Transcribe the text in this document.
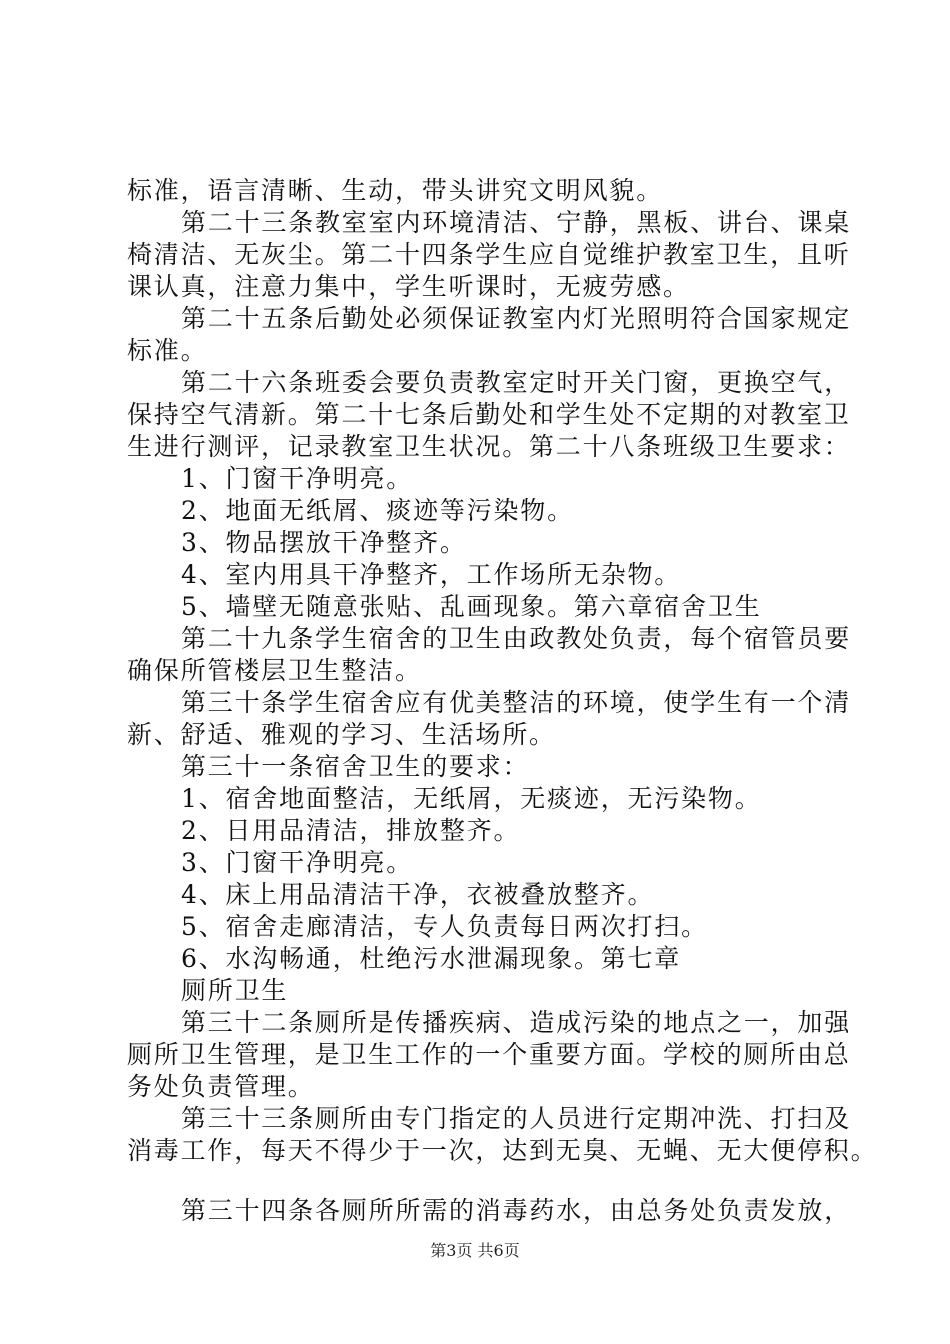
标准，语言清晰、生动，带头讲究文明风貌。
第二十三条教室室内环境清洁、宁静，黑板、讲台、课桌
椅清洁、无灰尘。第二十四条学生应自觉维护教室卫生，且听
课认真，注意力集中，学生听课时，无疲劳感。
第二十五条后勤处必须保证教室内灯光照明符合国家规定
标准。
第二十六条班委会要负责教室定时开关门窗，更换空气，
保持空气清新。第二十七条后勤处和学生处不定期的对教室卫
生进行测评，记录教室卫生状况。第二十八条班级卫生要求：
1、门窗干净明亮。
2、地面无纸屑、痰迹等污染物。
3、物品摆放干净整齐。
4、室内用具干净整齐，工作场所无杂物。
5、墙壁无随意张贴、乱画现象。第六章宿舍卫生
第二十九条学生宿舍的卫生由政教处负责，每个宿管员要
确保所管楼层卫生整洁。
第三十条学生宿舍应有优美整洁的环境，使学生有一个清
新、舒适、雅观的学习、生活场所。
第三十一条宿舍卫生的要求：
1、宿舍地面整洁，无纸屑，无痰迹，无污染物。
2、日用品清洁，排放整齐。
3、门窗干净明亮。
4、床上用品清洁干净，衣被叠放整齐。
5、宿舍走廊清洁，专人负责每日两次打扫。
6、水沟畅通，杜绝污水泄漏现象。第七章
厕所卫生
第三十二条厕所是传播疾病、造成污染的地点之一，加强
厕所卫生管理，是卫生工作的一个重要方面。学校的厕所由总
务处负责管理。
第三十三条厕所由专门指定的人员进行定期冲洗、打扫及
消毒工作，每天不得少于一次，达到无臭、无蝇、无大便停积。
第三十四条各厕所所需的消毒药水，由总务处负责发放，
第3页 共6页
